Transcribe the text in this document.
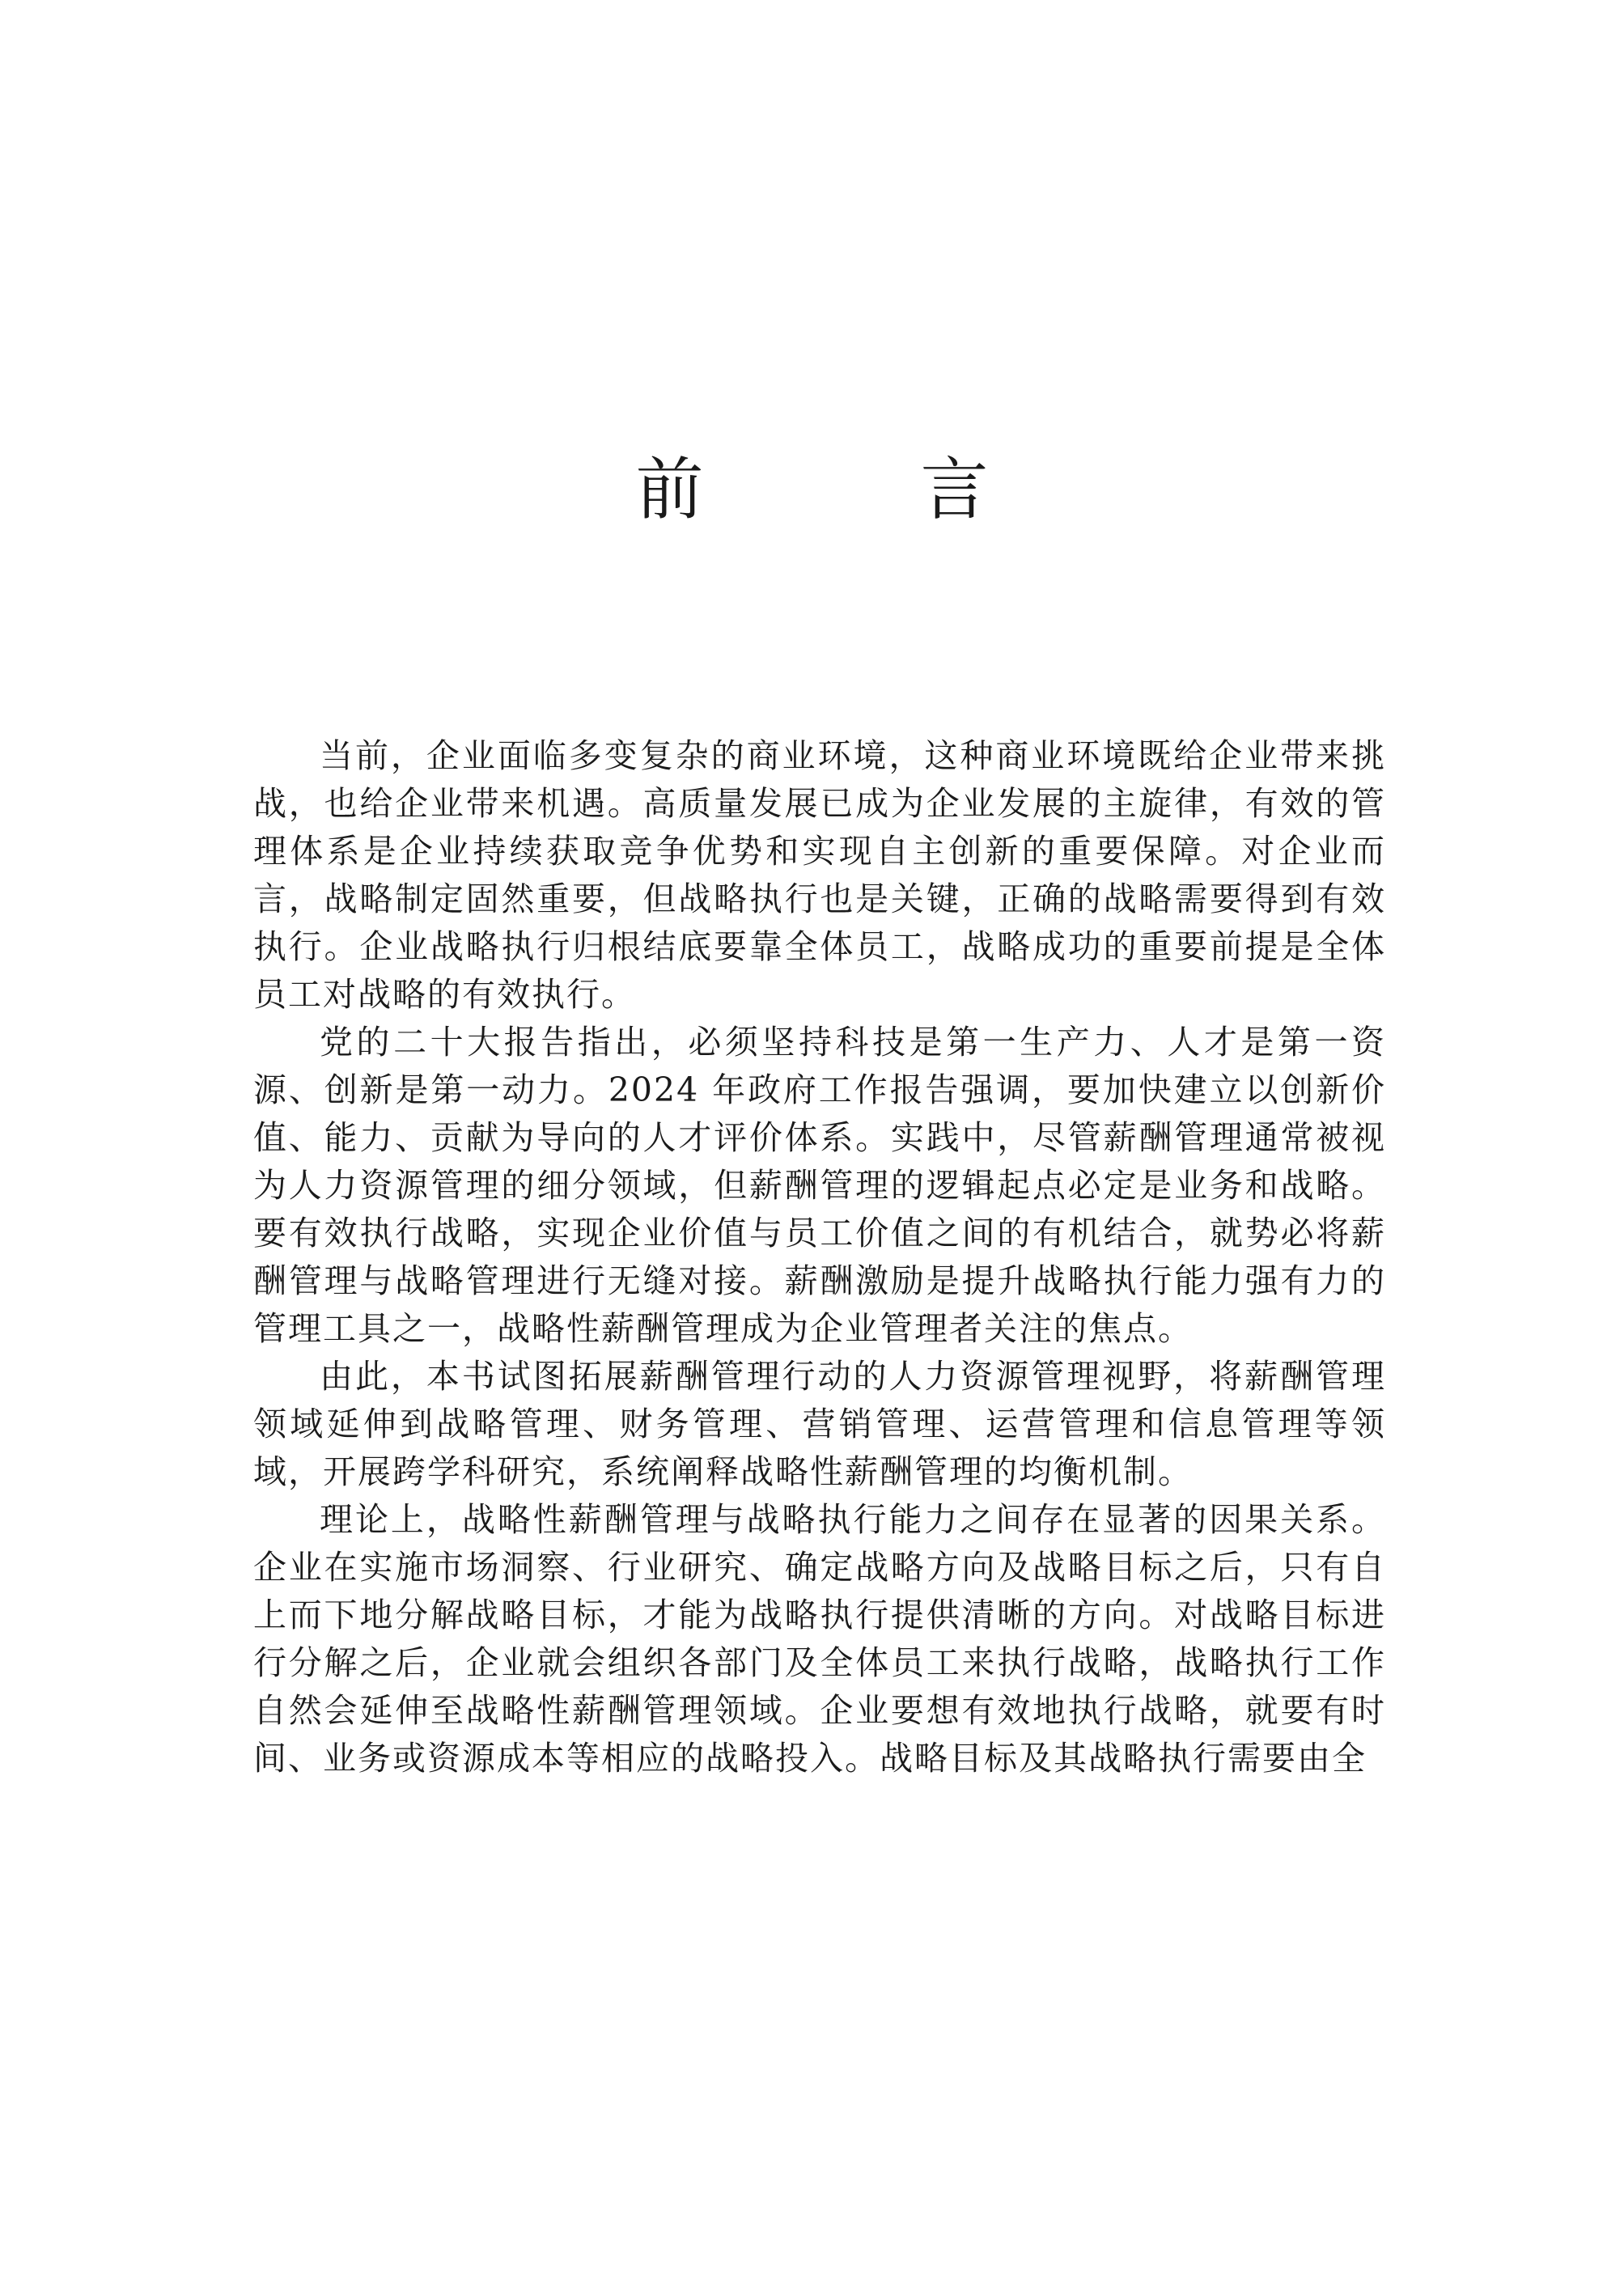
前　言

当前，企业面临多变复杂的商业环境，这种商业环境既给企业带来挑战，也给企业带来机遇。高质量发展已成为企业发展的主旋律，有效的管理体系是企业持续获取竞争优势和实现自主创新的重要保障。对企业而言，战略制定固然重要，但战略执行也是关键，正确的战略需要得到有效执行。企业战略执行归根结底要靠全体员工，战略成功的重要前提是全体员工对战略的有效执行。

党的二十大报告指出，必须坚持科技是第一生产力、人才是第一资源、创新是第一动力。2024 年政府工作报告强调，要加快建立以创新价值、能力、贡献为导向的人才评价体系。实践中，尽管薪酬管理通常被视为人力资源管理的细分领域，但薪酬管理的逻辑起点必定是业务和战略。要有效执行战略，实现企业价值与员工价值之间的有机结合，就势必将薪酬管理与战略管理进行无缝对接。薪酬激励是提升战略执行能力强有力的管理工具之一，战略性薪酬管理成为企业管理者关注的焦点。

由此，本书试图拓展薪酬管理行动的人力资源管理视野，将薪酬管理领域延伸到战略管理、财务管理、营销管理、运营管理和信息管理等领域，开展跨学科研究，系统阐释战略性薪酬管理的均衡机制。

理论上，战略性薪酬管理与战略执行能力之间存在显著的因果关系。企业在实施市场洞察、行业研究、确定战略方向及战略目标之后，只有自上而下地分解战略目标，才能为战略执行提供清晰的方向。对战略目标进行分解之后，企业就会组织各部门及全体员工来执行战略，战略执行工作自然会延伸至战略性薪酬管理领域。企业要想有效地执行战略，就要有时间、业务或资源成本等相应的战略投入。战略目标及其战略执行需要由全
